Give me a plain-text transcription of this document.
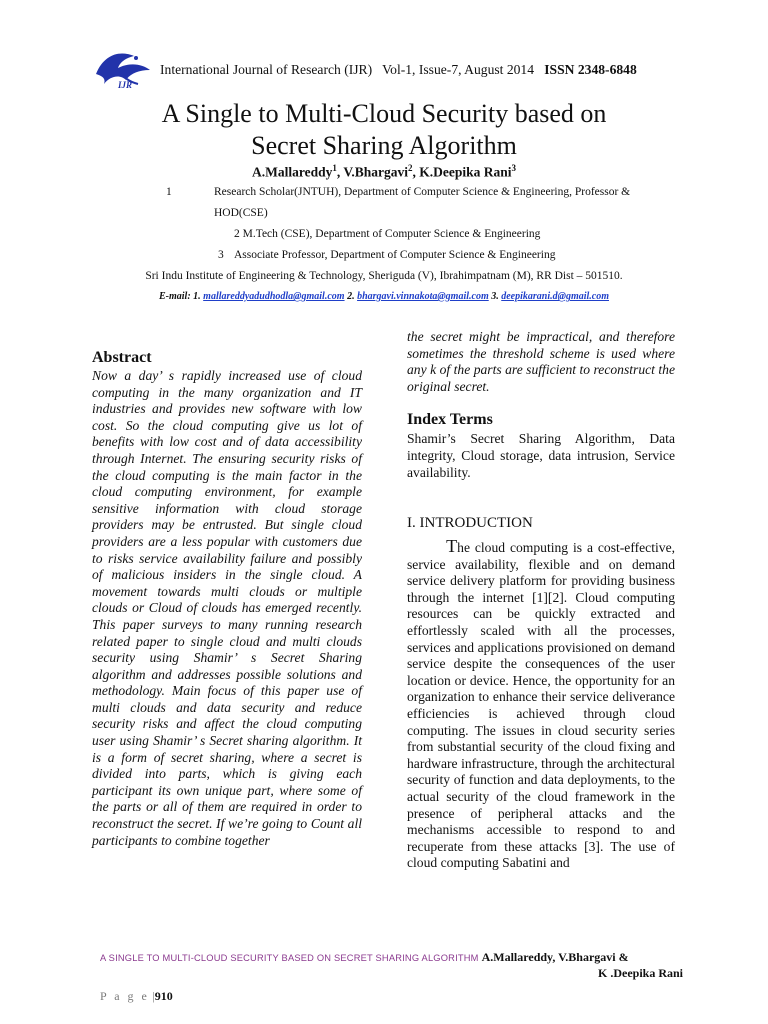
IJR
International Journal of Research (IJR) Vol-1, Issue-7, August 2014 ISSN 2348-6848
A Single to Multi-Cloud Security based on
Secret Sharing Algorithm
A.Mallareddy$^1$, V.Bhargavi$^2$, K.Deepika Rani$^3$
1	Research Scholar(JNTUH), Department of Computer Science & Engineering, Professor &
HOD(CSE)
2 M.Tech (CSE), Department of Computer Science & Engineering
3 Associate Professor, Department of Computer Science & Engineering
Sri Indu Institute of Engineering & Technology, Sheriguda (V), Ibrahimpatnam (M), RR Dist – 501510.
E-mail: 1. mallareddyadudhodla@gmail.com 2. bhargavi.vinnakota@gmail.com 3. deepikarani.d@gmail.com
Abstract
Now a day’ s rapidly increased use of cloud computing in the many organization and IT industries and provides new software with low cost. So the cloud computing give us lot of benefits with low cost and of data accessibility through Internet. The ensuring security risks of the cloud computing is the main factor in the cloud computing environment, for example sensitive information with cloud storage providers may be entrusted. But single cloud providers are a less popular with customers due to risks service availability failure and possibly of malicious insiders in the single cloud. A movement towards multi clouds or multiple clouds or Cloud of clouds has emerged recently. This paper surveys to many running research related paper to single cloud and multi clouds security using Shamir’ s Secret Sharing algorithm and addresses possible solutions and methodology. Main focus of this paper use of multi clouds and data security and reduce security risks and affect the cloud computing user using Shamir’ s Secret sharing algorithm. It is a form of secret sharing, where a secret is divided into parts, which is giving each participant its own unique part, where some of the parts or all of them are required in order to reconstruct the secret. If we’re going to Count all participants to combine together
the secret might be impractical, and therefore sometimes the threshold scheme is used where any k of the parts are sufficient to reconstruct the original secret.
Index Terms
Shamir’s Secret Sharing Algorithm, Data integrity, Cloud storage, data intrusion, Service availability.
I. INTRODUCTION
The cloud computing is a cost-effective, service availability, flexible and on demand service delivery platform for providing business through the internet [1][2]. Cloud computing resources can be quickly extracted and effortlessly scaled with all the processes, services and applications provisioned on demand service despite the consequences of the user location or device. Hence, the opportunity for an organization to enhance their service deliverance efficiencies is achieved through cloud computing. The issues in cloud security series from substantial security of the cloud fixing and hardware infrastructure, through the architectural security of function and data deployments, to the actual security of the cloud framework in the presence of peripheral attacks and the mechanisms accessible to respond to and recuperate from these attacks [3]. The use of cloud computing Sabatini and
A SINGLE TO MULTI-CLOUD SECURITY BASED ON SECRET SHARING ALGORITHM A.Mallareddy, V.Bhargavi &
K .Deepika Rani
P a g e |910
